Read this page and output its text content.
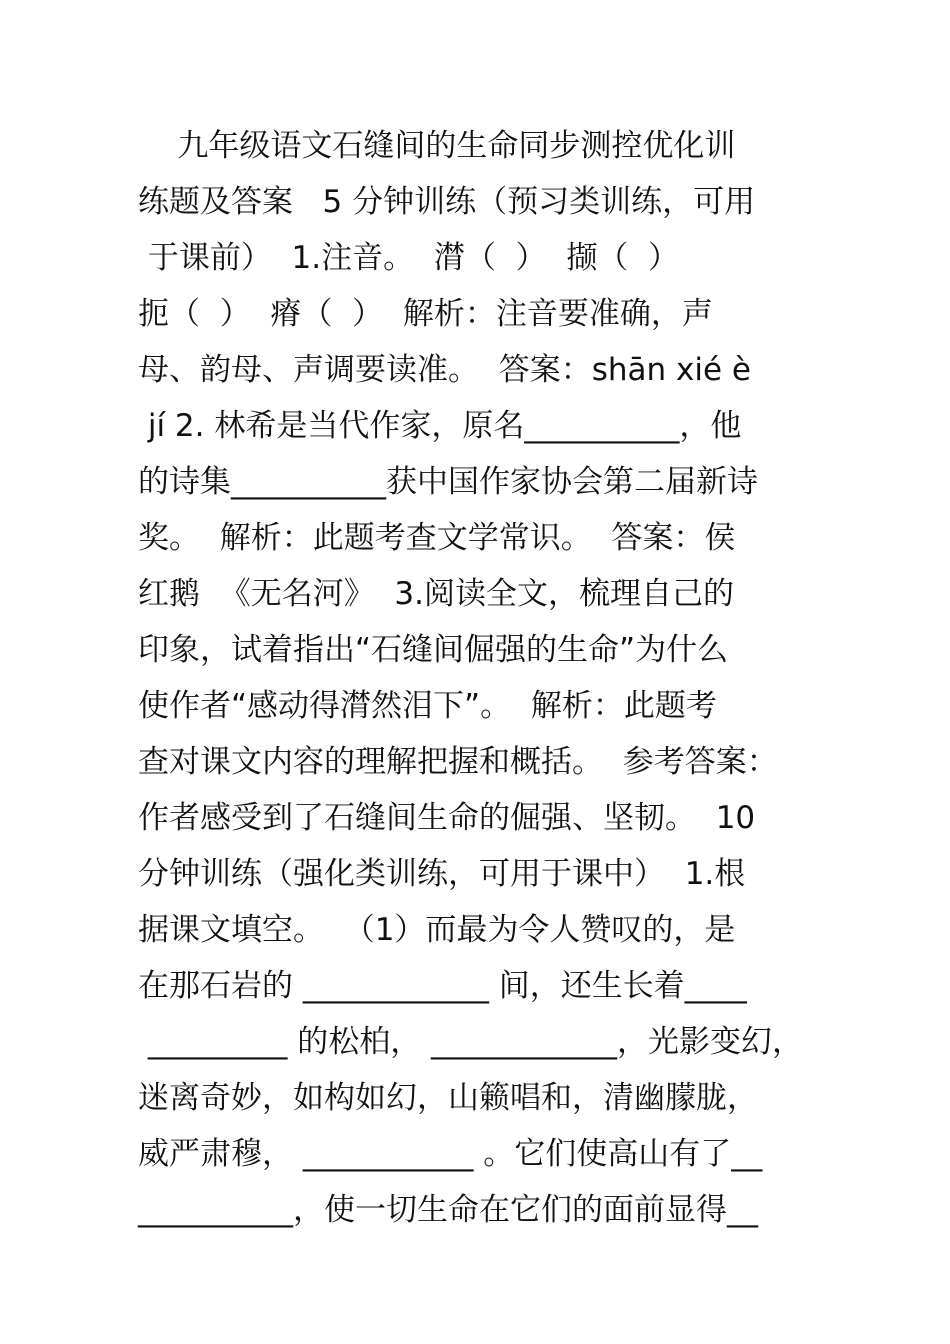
九年级语文石缝间的生命同步测控优化训
练题及答案   5 分钟训练（预习类训练，可用
于课前）  1.注音。  潸（  ）  撷（  ）
扼（  ）  瘠（  ）  解析：注音要准确，声
母、韵母、声调要读准。  答案：shān xié è
jí 2. 林希是当代作家，原名__________，他
的诗集__________获中国作家协会第二届新诗
奖。  解析：此题考查文学常识。  答案：侯
红鹅  《无名河》  3.阅读全文，梳理自己的
印象，试着指出“石缝间倔强的生命”为什么
使作者“感动得潸然泪下”。  解析：此题考
查对课文内容的理解把握和概括。  参考答案：
作者感受到了石缝间生命的倔强、坚韧。  10
分钟训练（强化类训练，可用于课中）  1.根
据课文填空。  （1）而最为令人赞叹的，是
在那石岩的 ____________ 间，还生长着____
_________ 的松柏， ____________，光影变幻，
迷离奇妙，如构如幻，山籁唱和，清幽朦胧，
威严肃穆， ___________ 。它们使高山有了__
__________，使一切生命在它们的面前显得__
